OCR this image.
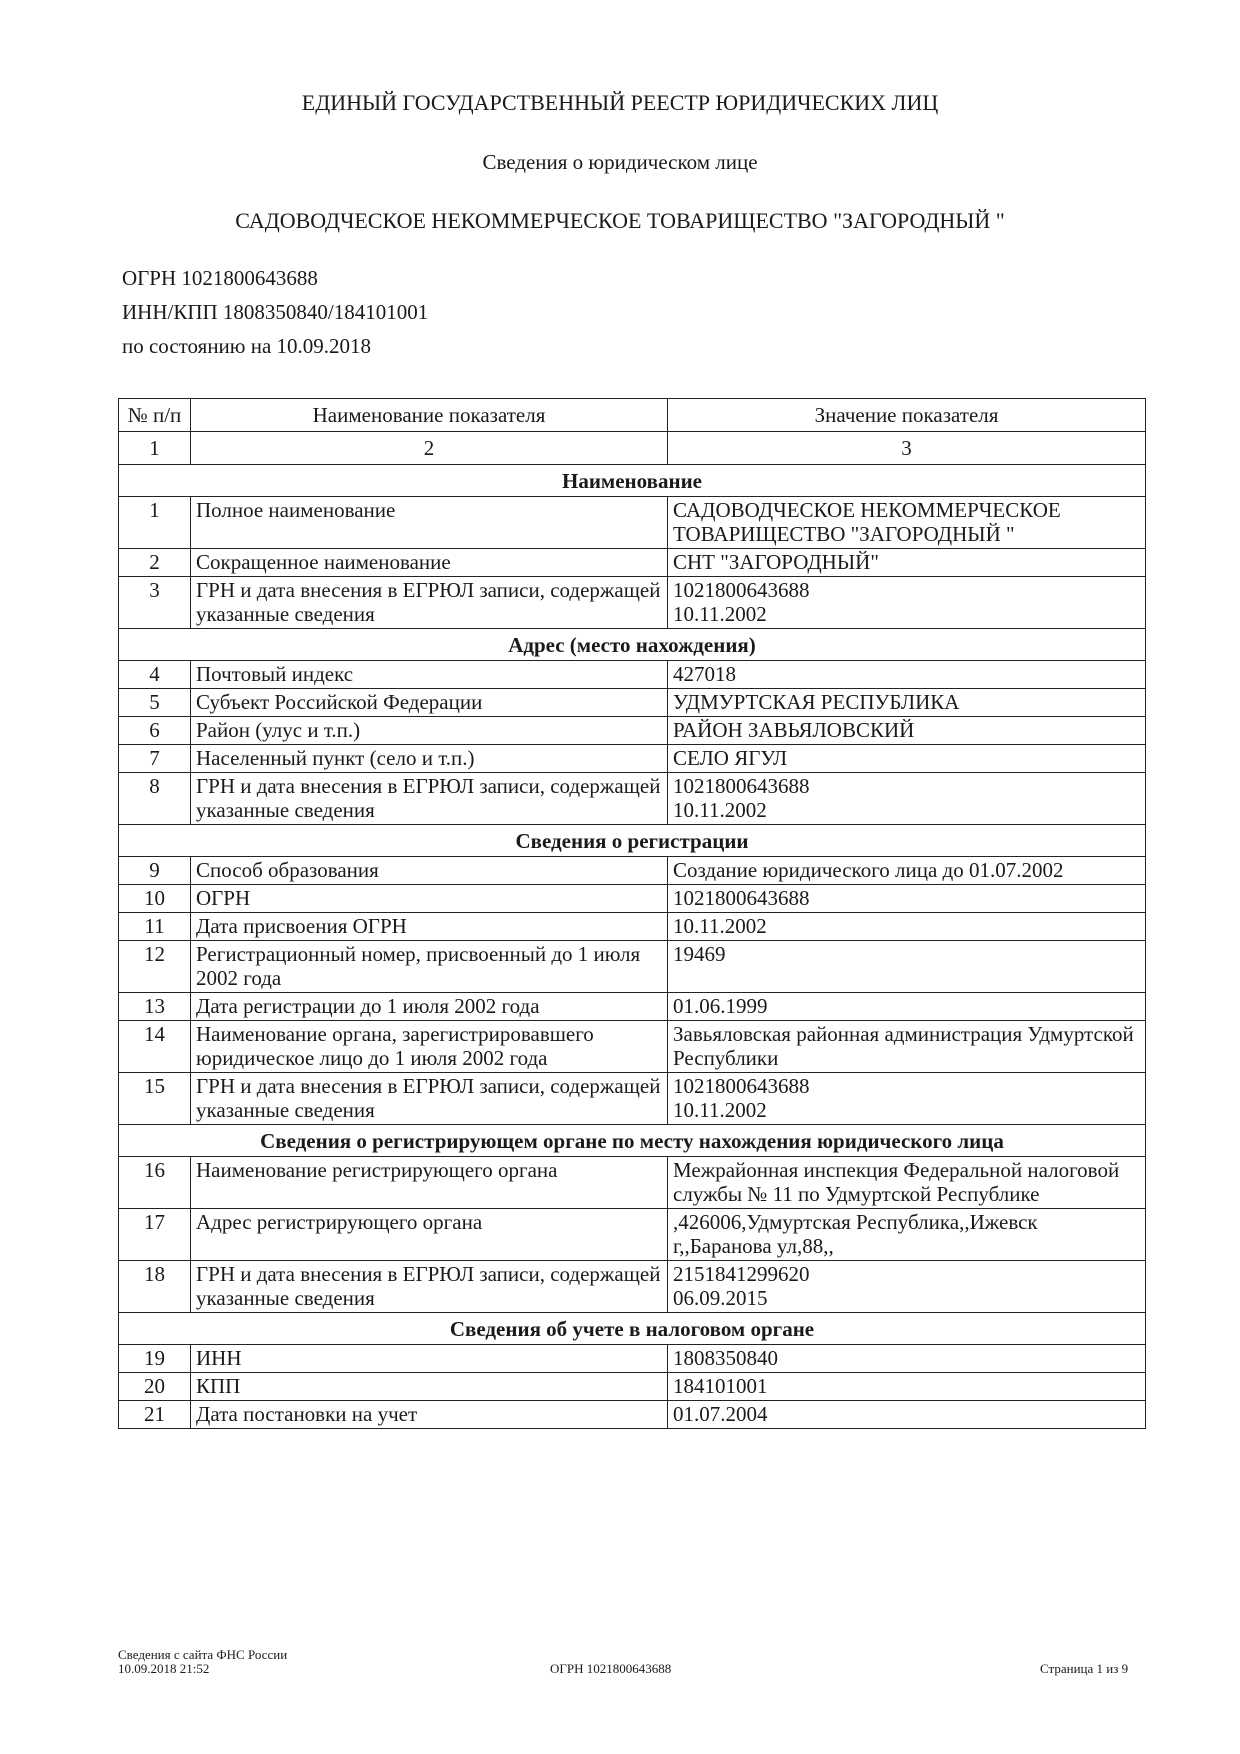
ЕДИНЫЙ ГОСУДАРСТВЕННЫЙ РЕЕСТР ЮРИДИЧЕСКИХ ЛИЦ
Сведения о юридическом лице
САДОВОДЧЕСКОЕ НЕКОММЕРЧЕСКОЕ ТОВАРИЩЕСТВО "ЗАГОРОДНЫЙ "
ОГРН 1021800643688
ИНН/КПП 1808350840/184101001
по состоянию на 10.09.2018
№ п/п	Наименование показателя	Значение показателя
1	2	3
Наименование		
1	Полное наименование	САДОВОДЧЕСКОЕ НЕКОММЕРЧЕСКОЕ ТОВАРИЩЕСТВО "ЗАГОРОДНЫЙ "
2	Сокращенное наименование	СНТ "ЗАГОРОДНЫЙ"
3	ГРН и дата внесения в ЕГРЮЛ записи, содержащей указанные сведения	1021800643688
10.11.2002
Адрес (место нахождения)		
4	Почтовый индекс	427018
5	Субъект Российской Федерации	УДМУРТСКАЯ РЕСПУБЛИКА
6	Район (улус и т.п.)	РАЙОН ЗАВЬЯЛОВСКИЙ
7	Населенный пункт (село и т.п.)	СЕЛО ЯГУЛ
8	ГРН и дата внесения в ЕГРЮЛ записи, содержащей указанные сведения	1021800643688
10.11.2002
Сведения о регистрации		
9	Способ образования	Создание юридического лица до 01.07.2002
10	ОГРН	1021800643688
11	Дата присвоения ОГРН	10.11.2002
12	Регистрационный номер, присвоенный до 1 июля 2002 года	19469
13	Дата регистрации до 1 июля 2002 года	01.06.1999
14	Наименование органа, зарегистрировавшего юридическое лицо до 1 июля 2002 года	Завьяловская районная администрация Удмуртской Республики
15	ГРН и дата внесения в ЕГРЮЛ записи, содержащей указанные сведения	1021800643688
10.11.2002
Сведения о регистрирующем органе по месту нахождения юридического лица		
16	Наименование регистрирующего органа	Межрайонная инспекция Федеральной налоговой службы № 11 по Удмуртской Республике
17	Адрес регистрирующего органа	,426006,Удмуртская Республика,,Ижевск г,,Баранова ул,88,,
18	ГРН и дата внесения в ЕГРЮЛ записи, содержащей указанные сведения	2151841299620
06.09.2015
Сведения об учете в налоговом органе		
19	ИНН	1808350840
20	КПП	184101001
21	Дата постановки на учет	01.07.2004
Сведения с сайта ФНС России
10.09.2018 21:52	ОГРН 1021800643688	Страница 1 из 9
